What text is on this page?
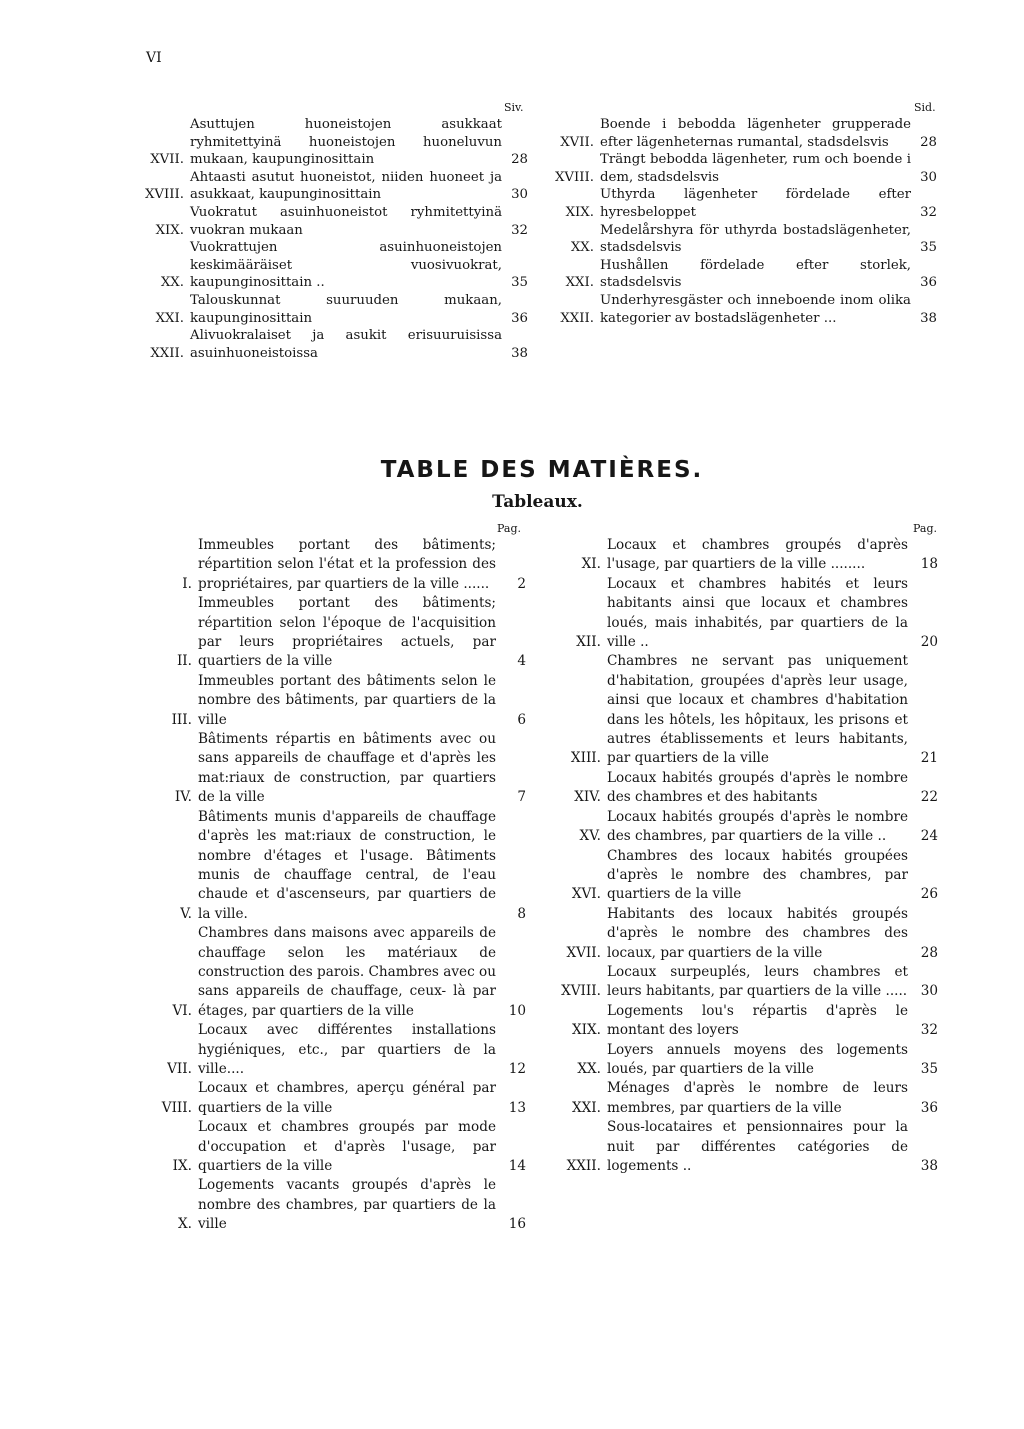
VI
Siv.
XVII.
Asuttujen huoneistojen asukkaat ryhmitettyinä huoneistojen huoneluvun mukaan, kaupunginosittain	28
XVIII.
Ahtaasti asutut huoneistot, niiden huoneet ja asukkaat, kaupunginosittain	30
XIX.
Vuokratut asuinhuoneistot ryhmitettyinä vuokran mukaan	32
XX.
Vuokrattujen asuinhuoneistojen keskimääräiset vuosivuokrat, kaupunginosittain ..	35
XXI.
Talouskunnat suuruuden mukaan, kaupunginosittain	36
XXII.
Alivuokralaiset ja asukit erisuuruisissa asuinhuoneistoissa	38
Sid.
XVII.
Boende i bebodda lägenheter grupperade efter lägenheternas rumantal, stadsdelsvis	28
XVIII.
Trängt bebodda lägenheter, rum och boende i dem, stadsdelsvis	30
XIX.
Uthyrda lägenheter fördelade efter hyresbeloppet	32
XX.
Medelårshyra för uthyrda bostadslägenheter, stadsdelsvis	35
XXI.
Hushållen fördelade efter storlek, stadsdelsvis	36
XXII.
Underhyresgäster och inneboende inom olika kategorier av bostadslägenheter ...	38
TABLE DES MATIÈRES.
Tableaux.
Pag.
I.
Immeubles portant des bâtiments; répartition selon l'état et la profession des propriétaires, par quartiers de la ville ......	2
II.
Immeubles portant des bâtiments; répartition selon l'époque de l'acquisition par leurs propriétaires actuels, par quartiers de la ville	4
III.
Immeubles portant des bâtiments selon le nombre des bâtiments, par quartiers de la ville	6
IV.
Bâtiments répartis en bâtiments avec ou sans appareils de chauffage et d'après les mat:riaux de construction, par quartiers de la ville	7
V.
Bâtiments munis d'appareils de chauffage d'après les mat:riaux de construction, le nombre d'étages et l'usage. Bâtiments munis de chauffage central, de l'eau chaude et d'ascenseurs, par quartiers de la ville.	8
VI.
Chambres dans maisons avec appareils de chauffage selon les matériaux de construction des parois. Chambres avec ou sans appareils de chauffage, ceux- là par étages, par quartiers de la ville	10
VII.
Locaux avec différentes installations hygiéniques, etc., par quartiers de la ville....	12
VIII.
Locaux et chambres, aperçu général par quartiers de la ville	13
IX.
Locaux et chambres groupés par mode d'occupation et d'après l'usage, par quartiers de la ville	14
X.
Logements vacants groupés d'après le nombre des chambres, par quartiers de la ville	16
Pag.
XI.
Locaux et chambres groupés d'après l'usage, par quartiers de la ville ........	18
XII.
Locaux et chambres habités et leurs habitants ainsi que locaux et chambres loués, mais inhabités, par quartiers de la ville ..	20
XIII.
Chambres ne servant pas uniquement d'habitation, groupées d'après leur usage, ainsi que locaux et chambres d'habitation dans les hôtels, les hôpitaux, les prisons et autres établissements et leurs habitants, par quartiers de la ville	21
XIV.
Locaux habités groupés d'après le nombre des chambres et des habitants	22
XV.
Locaux habités groupés d'après le nombre des chambres, par quartiers de la ville ..	24
XVI.
Chambres des locaux habités groupées d'après le nombre des chambres, par quartiers de la ville	26
XVII.
Habitants des locaux habités groupés d'après le nombre des chambres des locaux, par quartiers de la ville	28
XVIII.
Locaux surpeuplés, leurs chambres et leurs habitants, par quartiers de la ville ..... 30
XIX.
Logements lou's répartis d'après le montant des loyers	32
XX.
Loyers annuels moyens des logements loués, par quartiers de la ville	35
XXI.
Ménages d'après le nombre de leurs membres, par quartiers de la ville	36
XXII.
Sous-locataires et pensionnaires pour la nuit par différentes catégories de logements ..	38
